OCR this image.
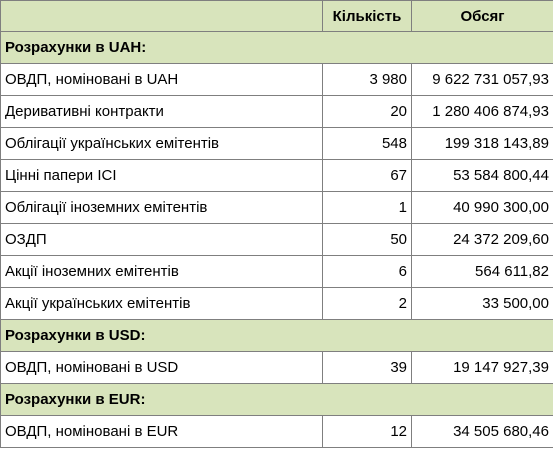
	Кількість	Обсяг
Розрахунки в UAH:		
ОВДП, номіновані в UAH	3 980	9 622 731 057,93
Деривативні контракти	20	1 280 406 874,93
Облігації українських емітентів	548	199 318 143,89
Цінні папери ICI	67	53 584 800,44
Облігації іноземних емітентів	1	40 990 300,00
ОЗДП	50	24 372 209,60
Акції іноземних емітентів	6	564 611,82
Акції українських емітентів	2	33 500,00
Розрахунки в USD:		
ОВДП, номіновані в USD	39	19 147 927,39
Розрахунки в EUR:		
ОВДП, номіновані в EUR	12	34 505 680,46
